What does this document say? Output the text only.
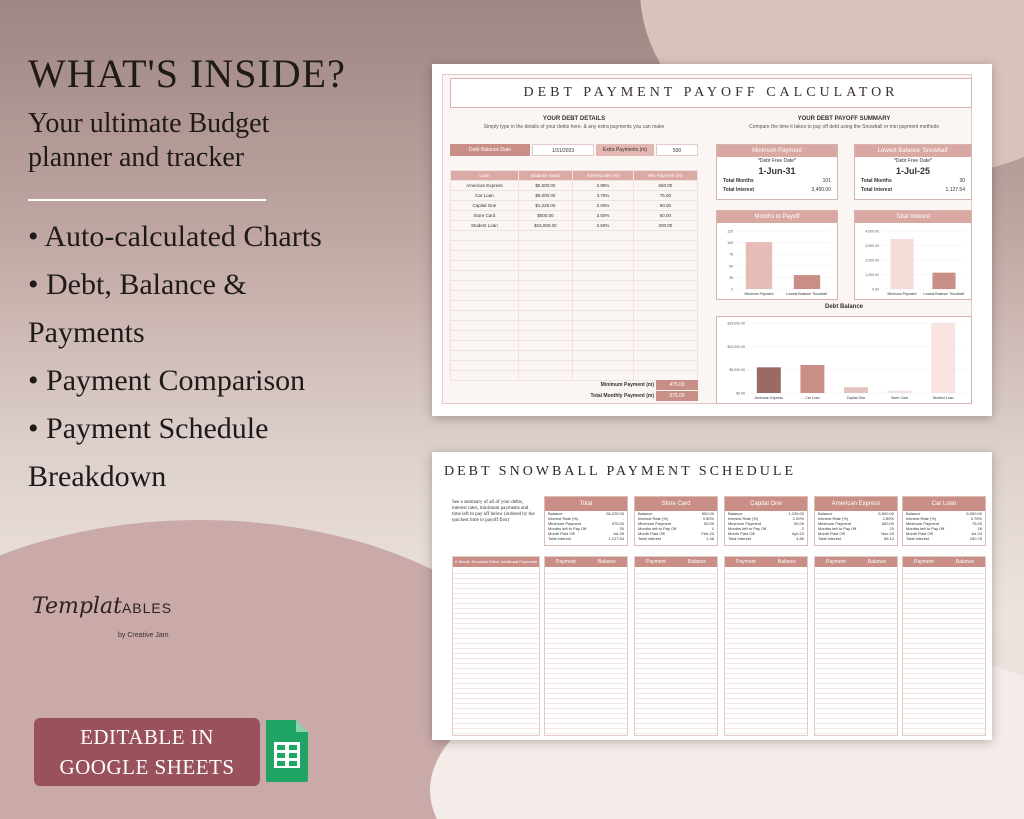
WHAT'S INSIDE?
Your ultimate Budget planner and tracker
• Auto-calculated Charts
• Debt, Balance &
Payments
• Payment Comparison
• Payment Schedule
Breakdown
TemplatABLES
by Creative Jam
EDITABLE IN
GOOGLE SHEETS
DEBT PAYMENT PAYOFF CALCULATOR
YOUR DEBT DETAILS
Simply type in the details of your debts here, & any extra payments you can make
YOUR DEBT PAYOFF SUMMARY
Compare the time it takes to pay off debt using the Snowball or min payment methods
Debt Balance Date	1/31/2023	Extra Payments (m)	500
Loan	Balance owed	Interest rate (%)	Min Payment (m)
American Express	$5,500.00	2.89%	650.00
Car Loan	$6,000.00	3.75%	75.00
Capital One	$1,225.00	2.00%	50.00
Store Card	$500.00	3.50%	50.00
Student Loan	$15,000.00	2.50%	200.00

Minimum Payment (m)	475.00
Total Monthly Payment (m)	975.00
Minimum Payment
*Debt Free Date*
1-Jun-31
Total Months	101
Total Interest	3,450.00
Lowest Balance 'Snowball'
*Debt Free Date*
1-Jul-25
Total Months	30
Total Interest	1,127.54
Months to Payoff
125
100
75
50
25
0
Minimum Payment	Lowest Balance 'Snowball'
Total Interest
4,000.00
3,000.00
2,000.00
1,000.00
0.00
Minimum Payment Lowest Balance 'Snowball'
Debt Balance
$15,000.00
$10,000.00
$5,000.00
$0.00
American Express	Car Loan	Capital One	Store Card	Student Loan
DEBT SNOWBALL PAYMENT SCHEDULE
See a summary of all of your debts, interest rates, minimum payments and time left to pay off below (ordered by the quickest time to payoff first)
Total
Balance	28,225.00
Interest Rate (%)	-
Minimum Payment	975.00
Months left to Pay Off	30
Month Paid Off	Jul-25
Total Interest	1,127.54
Store Card
Balance	500.00
Interest Rate (%)	3.50%
Minimum Payment	50.00
Months left to Pay Off	1
Month Paid Off	Feb-23
Total Interest	1.46
Capital One
Balance	1,225.00
Interest Rate (%)	2.00%
Minimum Payment	50.00
Months left to Pay Off	2
Month Paid Off	Apr-23
Total Interest	4.80
American Express
Balance	5,500.00
Interest Rate (%)	2.89%
Minimum Payment	600.00
Months left to Pay Off	10
Month Paid Off	Nov-23
Total Interest	65.12
Car Loan
Balance	6,000.00
Interest Rate (%)	3.75%
Minimum Payment	75.00
Months left to Pay Off	18
Month Paid Off	Jul-24
Total Interest	160.76
# Month Snowball Effect Additional Payments	Payment	Balance	Payment	Balance	Payment	Balance	Payment	Balance	Payment	Balance
